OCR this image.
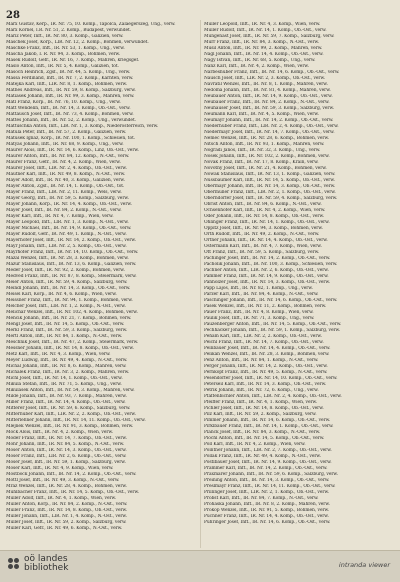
28

Marx Gustav, Kerp., IR. Nr. 75, 10. Komp., Tapolca, Zalaegerszeg, Ung., verw.

Marx Kornel, I.R. Nr. 51, 2. Komp., Budapest, verwundet.

Mariz Peter, Inft., IR. Nr. 80, 3. Komp., Galizien, verw.

Maschek Josef, Korp., LIR. Nr. 12, 2. Komp., Böhmen, verwundet.

Maschke Franz, Inft., IR. Nr. 53, 1. Komp., Ung., verw.

Mascha Jakob, I. R. Nr. 94, 3. Komp., Böhmen, verw.

Masek Rudolf, Gefr., IR. Nr. 16, 7. Komp., Mähren, kriegsgef.

Maslo Anton, Inft., IR. Nr. 5, 4. Komp., Galizien, tot.

Masoch Heinrich, Zgsf., IR. Nr. 44, 5. Komp., Ung., verw.

Massa Ferdinand, Inft., IR. Nr. 7, 2. Komp., Kärnten, verw.

Matejka Karl, Inft., LIR. Nr. 8, 1. Komp., Böhmen, verw.

Mathes Andreas, Inft., IR. Nr. 59, 8. Komp., Salzburg, verw.

Matiasek Johann, Inft., IR. Nr. 99, 3. Komp., Mähren, verw.

Matl Franz, Korp., IR. Nr. 76, 10. Komp., Ung., verw.

Matt Wendelin, Inft., IR. Nr. 14, 3. Komp., Ob.-Öst., verw.

Mattausch Josef, Inft., IR. Nr. 73, 4. Komp., Böhmen, verw.

Mattes Johann, Inft., IR. Nr. 52, 2. Komp., Ung., verwundet.

Mattuschka Anton, Inft., LIR. Nr. 1, 3. Komp., Niederösterreich, verw.

Matula Peter, Inft., IR. Nr. 57, 2. Komp., Galizien, verw.

Matusek Ignaz, Korp., IR. Nr. 100, 1. Komp., Schlesien, tot.

Matyas Johann, Inft., IR. Nr. 68, 9. Komp., Ung., verw.

Maurer Alois, Inft., IR. Nr. 14, 6. Komp., Linz, Ob.-Öst., verw.

Maurer Anton, Inft., IR. Nr. 84, 12. Komp., N.-Öst., verw.

Maurer Franz, Gefr., IR. Nr. 4, 2. Komp., Wien, verw.

Maurer Josef, Inft., LIR. Nr. 2, 4. Komp., Ob.-Öst., verw.

Mautner Karl, Inft., IR. Nr. 49, 8. Komp., N.-Öst., verw.

Mayer Adolf, Inft., IR. Nr. 40, 3. Komp., Galizien, verw.

Mayer Anton, Zgsf., IR. Nr. 14, 1. Komp., Ob.-Öst., tot.

Mayer Franz, Inft., LIR. Nr. 2, 11. Komp., Wels, verw.

Mayer Georg, Inft., IR. Nr. 59, 5. Komp., Salzburg, verw.

Mayer Johann, Korp., IR. Nr. 14, 4. Komp., Ob.-Öst., verw.

Mayer Josef, Inft., IR. Nr. 84, 2. Komp., N.-Öst., verw.

Mayer Karl, Inft., IR. Nr. 4, 7. Komp., Wien, verw.

Mayer Leopold, Inft., LIR. Nr. 1, 3. Komp., N.-Öst., verw.

Mayer Michael, Inft., IR. Nr. 14, 9. Komp., Ob.-Öst., verw.

Mayer Rudolf, Gefr., IR. Nr. 49, 1. Komp., N.-Öst., verw.

Mayerhofer Josef, Inft., IR. Nr. 14, 2. Komp., Ob.-Öst., verw.

Mayr Johann, Inft., LIR. Nr. 2, 5. Komp., Ob.-Öst., verw.

Mayrhofer Franz, Inft., IR. Nr. 14, 10. Komp., Ob.-Öst., verw.

Mazal Wenzel, Inft., IR. Nr. 28, 3. Komp., Böhmen, verw.

Mazur Stanislaus, Inft., IR. Nr. 13, 6. Komp., Galizien, verw.

Meder Josef, Inft., IR. Nr. 92, 2. Komp., Böhmen, verw.

Medved Franz, Inft., IR. Nr. 87, 8. Komp., Steiermark, verw.

Meier Anton, Inft., IR. Nr. 59, 4. Komp., Salzburg, verw.

Meindl Johann, Inft., IR. Nr. 14, 3. Komp., Ob.-Öst., verw.

Meisel Karl, Korp., IR. Nr. 4, 6. Komp., Wien, verw.

Meissner Franz, Inft., IR. Nr. 94, 1. Komp., Böhmen, verw.

Melcher Josef, Inft., LIR. Nr. 1, 2. Komp., N.-Öst., verw.

Melichar Wenzel, Inft., IR. Nr. 102, 4. Komp., Böhmen, verw.

Mencik Johann, Inft., IR. Nr. 21, 7. Komp., Böhmen, verw.

Mengl Josef, Inft., IR. Nr. 14, 5. Komp., Ob.-Öst., verw.

Merkl Franz, Inft., IR. Nr. 59, 3. Komp., Salzburg, verw.

Mertl Anton, Inft., IR. Nr. 84, 1. Komp., N.-Öst., verw.

Meschnik Josef, Inft., IR. Nr. 47, 2. Komp., Steiermark, verw.

Messner Johann, Inft., IR. Nr. 14, 8. Komp., Ob.-Öst., verw.

Metz Karl, Inft., IR. Nr. 4, 3. Komp., Wien, verw.

Meyer Ludwig, Inft., IR. Nr. 49, 4. Komp., N.-Öst., verw.

Michal Johann, Inft., IR. Nr. 8, 6. Komp., Mähren, verw.

Michalek Franz, Inft., IR. Nr. 3, 2. Komp., Mähren, verw.

Michl Josef, Inft., IR. Nr. 14, 1. Komp., Ob.-Öst., verw.

Mikula Stefan, Inft., IR. Nr. 71, 5. Komp., Ung., verw.

Mikulasek Anton, Inft., IR. Nr. 54, 3. Komp., Mähren, verw.

Milde Johann, Inft., IR. Nr. 93, 7. Komp., Mähren, verw.

Miller Franz, Inft., IR. Nr. 14, 4. Komp., Ob.-Öst., verw.

Mitterer Josef, Inft., IR. Nr. 59, 6. Komp., Salzburg, verw.

Mitterhuber Karl, Inft., LIR. Nr. 2, 2. Komp., Ob.-Öst., verw.

Mitterlehner Johann, Inft., IR. Nr. 14, 11. Komp., Ob.-Öst., verw.

Mlejnek Wenzel, Inft., IR. Nr. 91, 3. Komp., Böhmen, verw.

Mock Alois, Inft., IR. Nr. 4, 2. Komp., Wien, verw.

Moder Franz, Inft., IR. Nr. 14, 7. Komp., Ob.-Öst., verw.

Mohr Johann, Inft., IR. Nr. 84, 5. Komp., N.-Öst., verw.

Moser Anton, Inft., IR. Nr. 14, 3. Komp., Ob.-Öst., verw.

Moser Franz, Inft., LIR. Nr. 2, 6. Komp., Ob.-Öst., verw.

Moser Josef, Inft., IR. Nr. 59, 1. Komp., Salzburg, verw.

Moser Karl, Inft., IR. Nr. 4, 9. Komp., Wien, verw.

Mostböck Johann, Inft., IR. Nr. 14, 2. Komp., Ob.-Öst., verw.

Mottl Josef, Inft., IR. Nr. 49, 3. Komp., N.-Öst., verw.

Mráz Wenzel, Inft., IR. Nr. 28, 4. Komp., Böhmen, verw.

Mühlbacher Franz, Inft., IR. Nr. 14, 5. Komp., Ob.-Öst., verw.

Müller Adolf, Inft., IR. Nr. 4, 1. Komp., Wien, verw.

Müller Anton, Korp., IR. Nr. 84, 2. Komp., N.-Öst., verw.

Müller Franz, Inft., IR. Nr. 14, 8. Komp., Ob.-Öst., verw.

Müller Johann, Inft., LIR. Nr. 1, 4. Komp., N.-Öst., verw.

Müller Josef, Inft., IR. Nr. 59, 2. Komp., Salzburg, verw.

Müller Karl, Gefr., IR. Nr. 49, 6. Komp., N.-Öst., verw.

Müller Leopold, Inft., IR. Nr. 4, 3. Komp., Wien, verw.

Müller Rudolf, Inft., IR. Nr. 14, 1. Komp., Ob.-Öst., verw.

Mungenast Josef, Inft., IR. Nr. 59, 7. Komp., Salzburg, verw.

Murr Franz, Inft., IR. Nr. 84, 3. Komp., N.-Öst., verw.

Musil Anton, Inft., IR. Nr. 99, 2. Komp., Mähren, verw.

Nagl Johann, Inft., IR. Nr. 14, 4. Komp., Ob.-Öst., verw.

Nagy István, Inft., IR. Nr. 68, 5. Komp., Ung., verw.

Nanz Karl, Inft., IR. Nr. 4, 2. Komp., Wien, verw.

Narbeshuber Franz, Inft., IR. Nr. 14, 6. Komp., Ob.-Öst., verw.

Nausch Josef, Inft., LIR. Nr. 2, 3. Komp., Ob.-Öst., verw.

Navratil Wenzel, Inft., IR. Nr. 8, 1. Komp., Mähren, verw.

Nedoma Johann, Inft., IR. Nr. 81, 4. Komp., Mähren, verw.

Neubauer Anton, Inft., IR. Nr. 14, 9. Komp., Ob.-Öst., verw.

Neubauer Franz, Inft., IR. Nr. 84, 2. Komp., N.-Öst., verw.

Neuhauser Josef, Inft., IR. Nr. 59, 3. Komp., Salzburg, verw.

Neumann Karl, Inft., IR. Nr. 4, 5. Komp., Wien, verw.

Neumayr Johann, Inft., IR. Nr. 14, 2. Komp., Ob.-Öst., verw.

Niederhuber Franz, Inft., LIR. Nr. 2, 4. Komp., Ob.-Öst., verw.

Niedermayr Josef, Inft., IR. Nr. 14, 7. Komp., Ob.-Öst., verw.

Nemec Wenzel, Inft., IR. Nr. 28, 6. Komp., Böhmen, verw.

Nitsch Anton, Inft., IR. Nr. 93, 1. Komp., Mähren, verw.

Nográdi János, Inft., IR. Nr. 32, 3. Komp., Ung., verw.

Nosek Johann, Inft., IR. Nr. 102, 2. Komp., Böhmen, verw.

Novak Franz, Inft., IR. Nr. 17, 8. Komp., Krain, verw.

Novotny Josef, Inft., IR. Nr. 21, 4. Komp., Böhmen, verw.

Nowak Stanislaus, Inft., IR. Nr. 13, 1. Komp., Galizien, verw.

Nussbaumer Karl, Inft., IR. Nr. 14, 5. Komp., Ob.-Öst., verw.

Obermayr Johann, Inft., IR. Nr. 14, 3. Komp., Ob.-Öst., verw.

Obermüller Franz, Inft., LIR. Nr. 2, 1. Komp., Ob.-Öst., verw.

Oberndorfer Josef, Inft., IR. Nr. 59, 4. Komp., Salzburg, verw.

Obrist Anton, Inft., IR. Nr. 84, 6. Komp., N.-Öst., verw.

Ochsenhofer Karl, Inft., IR. Nr. 4, 2. Komp., Wien, verw.

Oder Johann, Inft., IR. Nr. 14, 8. Komp., Ob.-Öst., verw.

Öhlinger Franz, Inft., IR. Nr. 14, 1. Komp., Ob.-Öst., verw.

Oppitz Josef, Inft., IR. Nr. 94, 3. Komp., Böhmen, verw.

Orth Rudolf, Inft., IR. Nr. 49, 2. Komp., N.-Öst., verw.

Ortner Johann, Inft., IR. Nr. 14, 4. Komp., Ob.-Öst., verw.

Ostermann Karl, Inft., IR. Nr. 4, 7. Komp., Wien, verw.

Ott Franz, Inft., IR. Nr. 59, 5. Komp., Salzburg, verw.

Pachinger Josef, Inft., IR. Nr. 14, 2. Komp., Ob.-Öst., verw.

Pacholik Johann, Inft., IR. Nr. 100, 3. Komp., Schlesien, verw.

Pachner Anton, Inft., LIR. Nr. 2, 6. Komp., Ob.-Öst., verw.

Pammer Franz, Inft., IR. Nr. 14, 9. Komp., Ob.-Öst., verw.

Panholzer Josef, Inft., IR. Nr. 14, 3. Komp., Ob.-Öst., verw.

Papp Lajos, Inft., IR. Nr. 82, 1. Komp., Ung., verw.

Parzer Karl, Inft., IR. Nr. 84, 4. Komp., N.-Öst., verw.

Paschinger Johann, Inft., IR. Nr. 14, 6. Komp., Ob.-Öst., verw.

Pasek Wenzel, Inft., IR. Nr. 11, 2. Komp., Böhmen, verw.

Pauer Franz, Inft., IR. Nr. 4, 8. Komp., Wien, verw.

Paulik Josef, Inft., IR. Nr. 71, 3. Komp., Ung., verw.

Pauzenberger Anton, Inft., IR. Nr. 14, 5. Komp., Ob.-Öst., verw.

Pechhacker Johann, Inft., IR. Nr. 59, 1. Komp., Salzburg, verw.

Peham Karl, Inft., LIR. Nr. 2, 2. Komp., Ob.-Öst., verw.

Peichl Franz, Inft., IR. Nr. 14, 7. Komp., Ob.-Öst., verw.

Peinbauer Josef, Inft., IR. Nr. 14, 4. Komp., Ob.-Öst., verw.

Pelikan Wenzel, Inft., IR. Nr. 28, 3. Komp., Böhmen, verw.

Penz Anton, Inft., IR. Nr. 84, 1. Komp., N.-Öst., verw.

Perger Johann, Inft., IR. Nr. 14, 2. Komp., Ob.-Öst., verw.

Pernkopf Franz, Inft., IR. Nr. 49, 5. Komp., N.-Öst., verw.

Pesendorfer Josef, Inft., IR. Nr. 14, 10. Komp., Ob.-Öst., verw.

Peterseil Karl, Inft., IR. Nr. 14, 3. Komp., Ob.-Öst., verw.

Petrik Johann, Inft., IR. Nr. 72, 6. Komp., Ung., verw.

Pfaffenbichler Anton, Inft., LIR. Nr. 2, 4. Komp., Ob.-Öst., verw.

Pfeiffer Franz, Inft., IR. Nr. 4, 1. Komp., Wien, verw.

Pichler Josef, Inft., IR. Nr. 14, 8. Komp., Ob.-Öst., verw.

Pilz Karl, Inft., IR. Nr. 59, 2. Komp., Salzburg, verw.

Pimmer Johann, Inft., IR. Nr. 14, 6. Komp., Ob.-Öst., verw.

Pirklbauer Franz, Inft., IR. Nr. 14, 1. Komp., Ob.-Öst., verw.

Planck Josef, Inft., IR. Nr. 84, 3. Komp., N.-Öst., verw.

Plöchl Anton, Inft., IR. Nr. 14, 5. Komp., Ob.-Öst., verw.

Pöll Karl, Inft., IR. Nr. 4, 2. Komp., Wien, verw.

Pointner Johann, Inft., LIR. Nr. 2, 7. Komp., Ob.-Öst., verw.

Pollak Franz, Inft., IR. Nr. 49, 4. Komp., N.-Öst., verw.

Postlbauer Josef, Inft., IR. Nr. 14, 9. Komp., Ob.-Öst., verw.

Prammer Karl, Inft., IR. Nr. 14, 2. Komp., Ob.-Öst., verw.

Praxmarer Johann, Inft., IR. Nr. 59, 6. Komp., Salzburg, verw.

Preining Anton, Inft., IR. Nr. 14, 3. Komp., Ob.-Öst., verw.

Preslmayr Franz, Inft., IR. Nr. 14, 11. Komp., Ob.-Öst., verw.

Prillinger Josef, Inft., LIR. Nr. 2, 1. Komp., Ob.-Öst., verw.

Probst Karl, Inft., IR. Nr. 84, 7. Komp., N.-Öst., verw.

Prohaska Johann, Inft., IR. Nr. 8, 2. Komp., Mähren, verw.

Prokop Wenzel, Inft., IR. Nr. 91, 5. Komp., Böhmen, verw.

Puchner Franz, Inft., IR. Nr. 14, 4. Komp., Ob.-Öst., verw.

Pühringer Josef, Inft., IR. Nr. 14, 6. Komp., Ob.-Öst., verw.

oö landes
bibliothek	intranda viewer
